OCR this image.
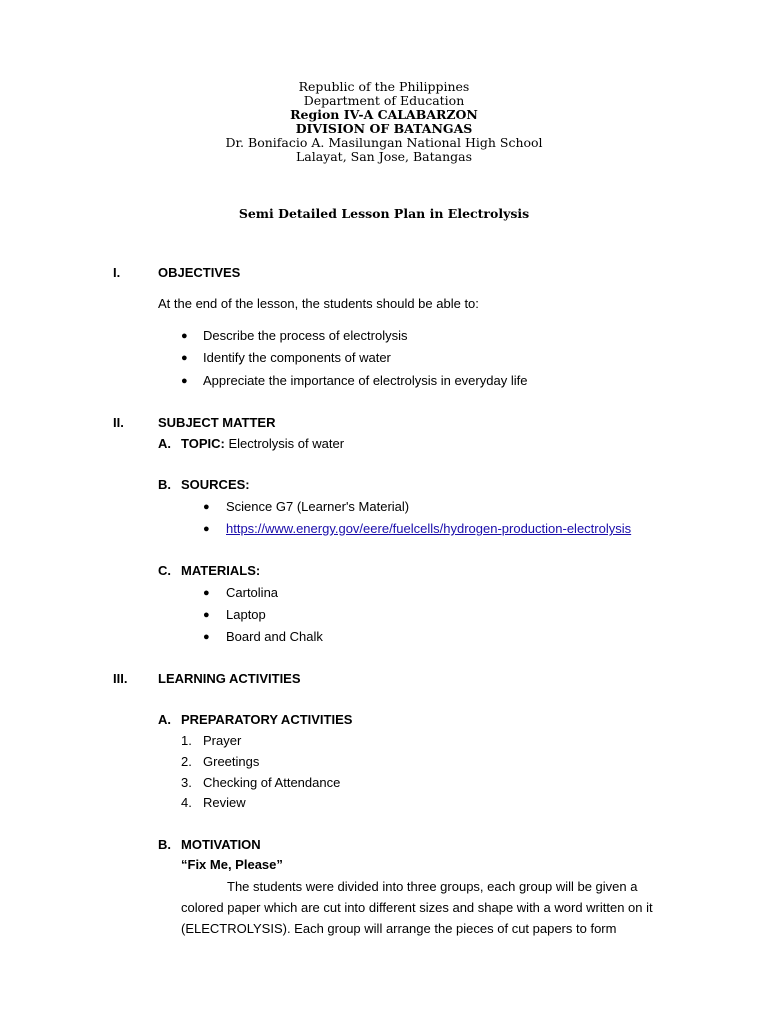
Republic of the Philippines
Department of Education
Region IV-A CALABARZON
DIVISION OF BATANGAS
Dr. Bonifacio A. Masilungan National High School
Lalayat, San Jose, Batangas
Semi Detailed Lesson Plan in Electrolysis
I.	OBJECTIVES
At the end of the lesson, the students should be able to:
● Describe the process of electrolysis
● Identify the components of water
● Appreciate the importance of electrolysis in everyday life
II.	SUBJECT MATTER
A. TOPIC: Electrolysis of water
B. SOURCES:
● Science G7 (Learner's Material)
● https://www.energy.gov/eere/fuelcells/hydrogen-production-electrolysis
C. MATERIALS:
● Cartolina
● Laptop
● Board and Chalk
III. LEARNING ACTIVITIES
A. PREPARATORY ACTIVITIES
1. Prayer
2. Greetings
3. Checking of Attendance
4. Review
B. MOTIVATION
“Fix Me, Please”
The students were divided into three groups, each group will be given a colored paper which are cut into different sizes and shape with a word written on it (ELECTROLYSIS). Each group will arrange the pieces of cut papers to form
